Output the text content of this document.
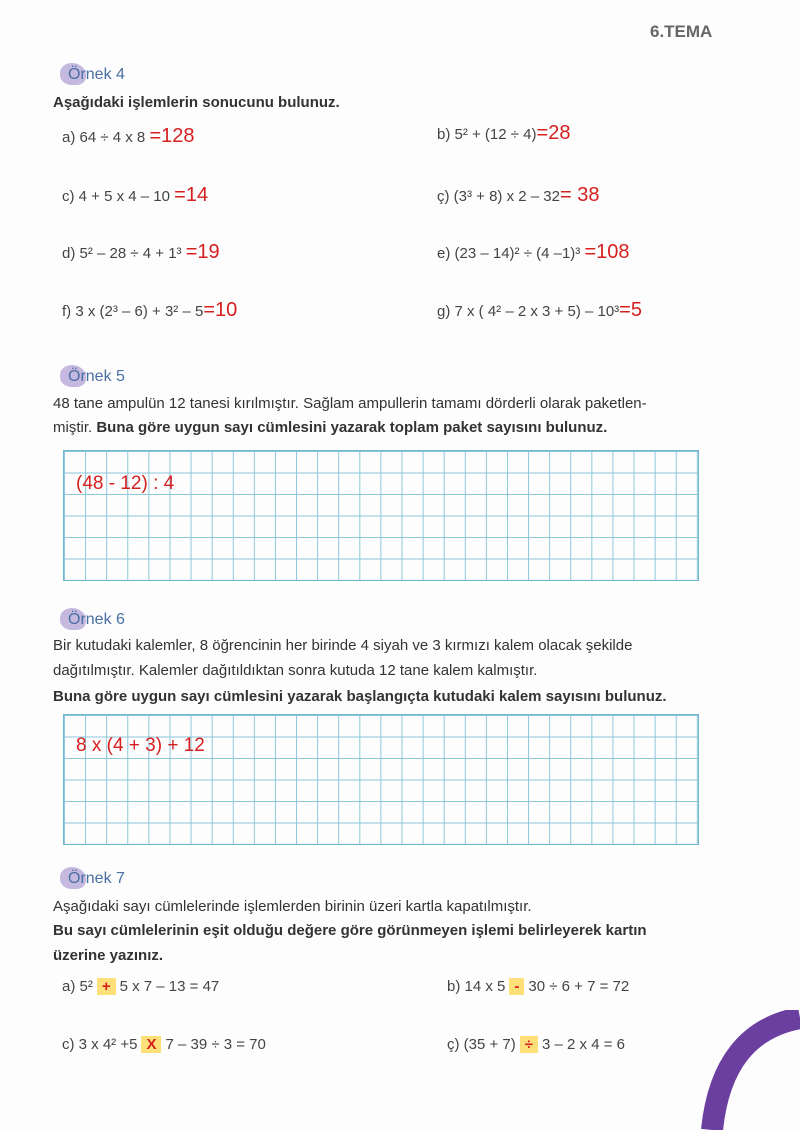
6.TEMA
Örnek 4
Aşağıdaki işlemlerin sonucunu bulunuz.
a) 64 ÷ 4 x 8 =128	b) 5² + (12 ÷ 4)=28
c) 4 + 5 x 4 – 10 =14	ç) (3³ + 8) x 2 – 32= 38
d) 5² – 28 ÷ 4 + 1³ =19	e) (23 – 14)² ÷ (4 –1)³ =108
f) 3 x (2³ – 6) + 3² – 5=10	g) 7 x ( 4² – 2 x 3 + 5) – 10³=5
Örnek 5
48 tane ampulün 12 tanesi kırılmıştır. Sağlam ampullerin tamamı dörderli olarak paketlen-
miştir. Buna göre uygun sayı cümlesini yazarak toplam paket sayısını bulunuz.
(48 - 12) : 4
Örnek 6
Bir kutudaki kalemler, 8 öğrencinin her birinde 4 siyah ve 3 kırmızı kalem olacak şekilde
dağıtılmıştır. Kalemler dağıtıldıktan sonra kutuda 12 tane kalem kalmıştır.
Buna göre uygun sayı cümlesini yazarak başlangıçta kutudaki kalem sayısını bulunuz.
8 x (4 + 3) + 12
Örnek 7
Aşağıdaki sayı cümlelerinde işlemlerden birinin üzeri kartla kapatılmıştır.
Bu sayı cümlelerinin eşit olduğu değere göre görünmeyen işlemi belirleyerek kartın
üzerine yazınız.
a) 5² + 5 x 7 – 13 = 47	b) 14 x 5 - 30 ÷ 6 + 7 = 72
c) 3 x 4² +5 X 7 – 39 ÷ 3 = 70	ç) (35 + 7) ÷ 3 – 2 x 4 = 6
